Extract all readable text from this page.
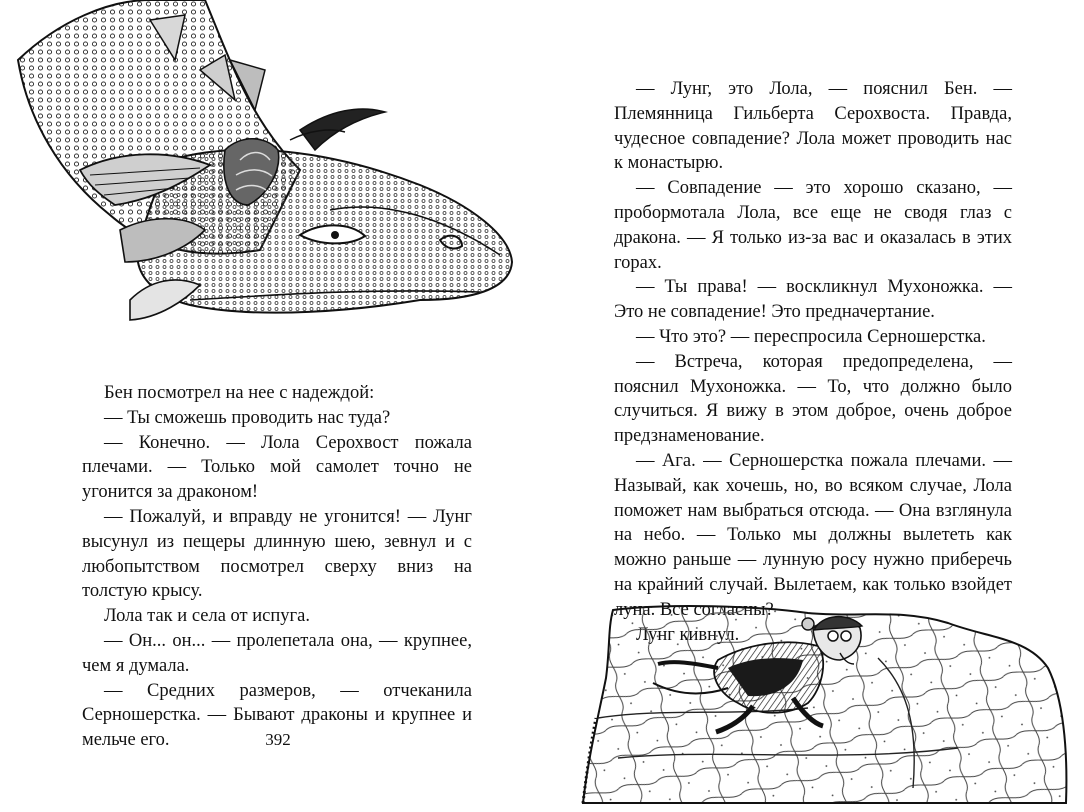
Бен посмотрел на нее с надеждой:

— Ты сможешь проводить нас туда?

— Конечно. — Лола Серохвост пожала плечами. — Только мой самолет точно не угонится за драконом!

— Пожалуй, и вправду не угонится! — Лунг высунул из пещеры длинную шею, зевнул и с любопытством посмотрел сверху вниз на толстую крысу.

Лола так и села от испуга.

— Он... он... — пролепетала она, — крупнее, чем я думала.

— Средних размеров, — отчеканила Серношерстка. — Бывают драконы и крупнее и мельче его.	392

— Лунг, это Лола, — пояснил Бен. — Племянница Гильберта Серохвоста. Правда, чудесное совпадение? Лола может проводить нас к монастырю.

— Совпадение — это хорошо сказано, — пробормотала Лола, все еще не сводя глаз с дракона. — Я только из-за вас и оказалась в этих горах.

— Ты права! — воскликнул Мухоножка. — Это не совпадение! Это предначертание.

— Что это? — переспросила Серношерстка.

— Встреча, которая предопределена, — пояснил Мухоножка. — То, что должно было случиться. Я вижу в этом доброе, очень доброе предзнаменование.

— Ага. — Серношерстка пожала плечами. — Называй, как хочешь, но, во всяком случае, Лола поможет нам выбраться отсюда. — Она взглянула на небо. — Только мы должны вылететь как можно раньше — лунную росу нужно приберечь на крайний случай. Вылетаем, как только взойдет
